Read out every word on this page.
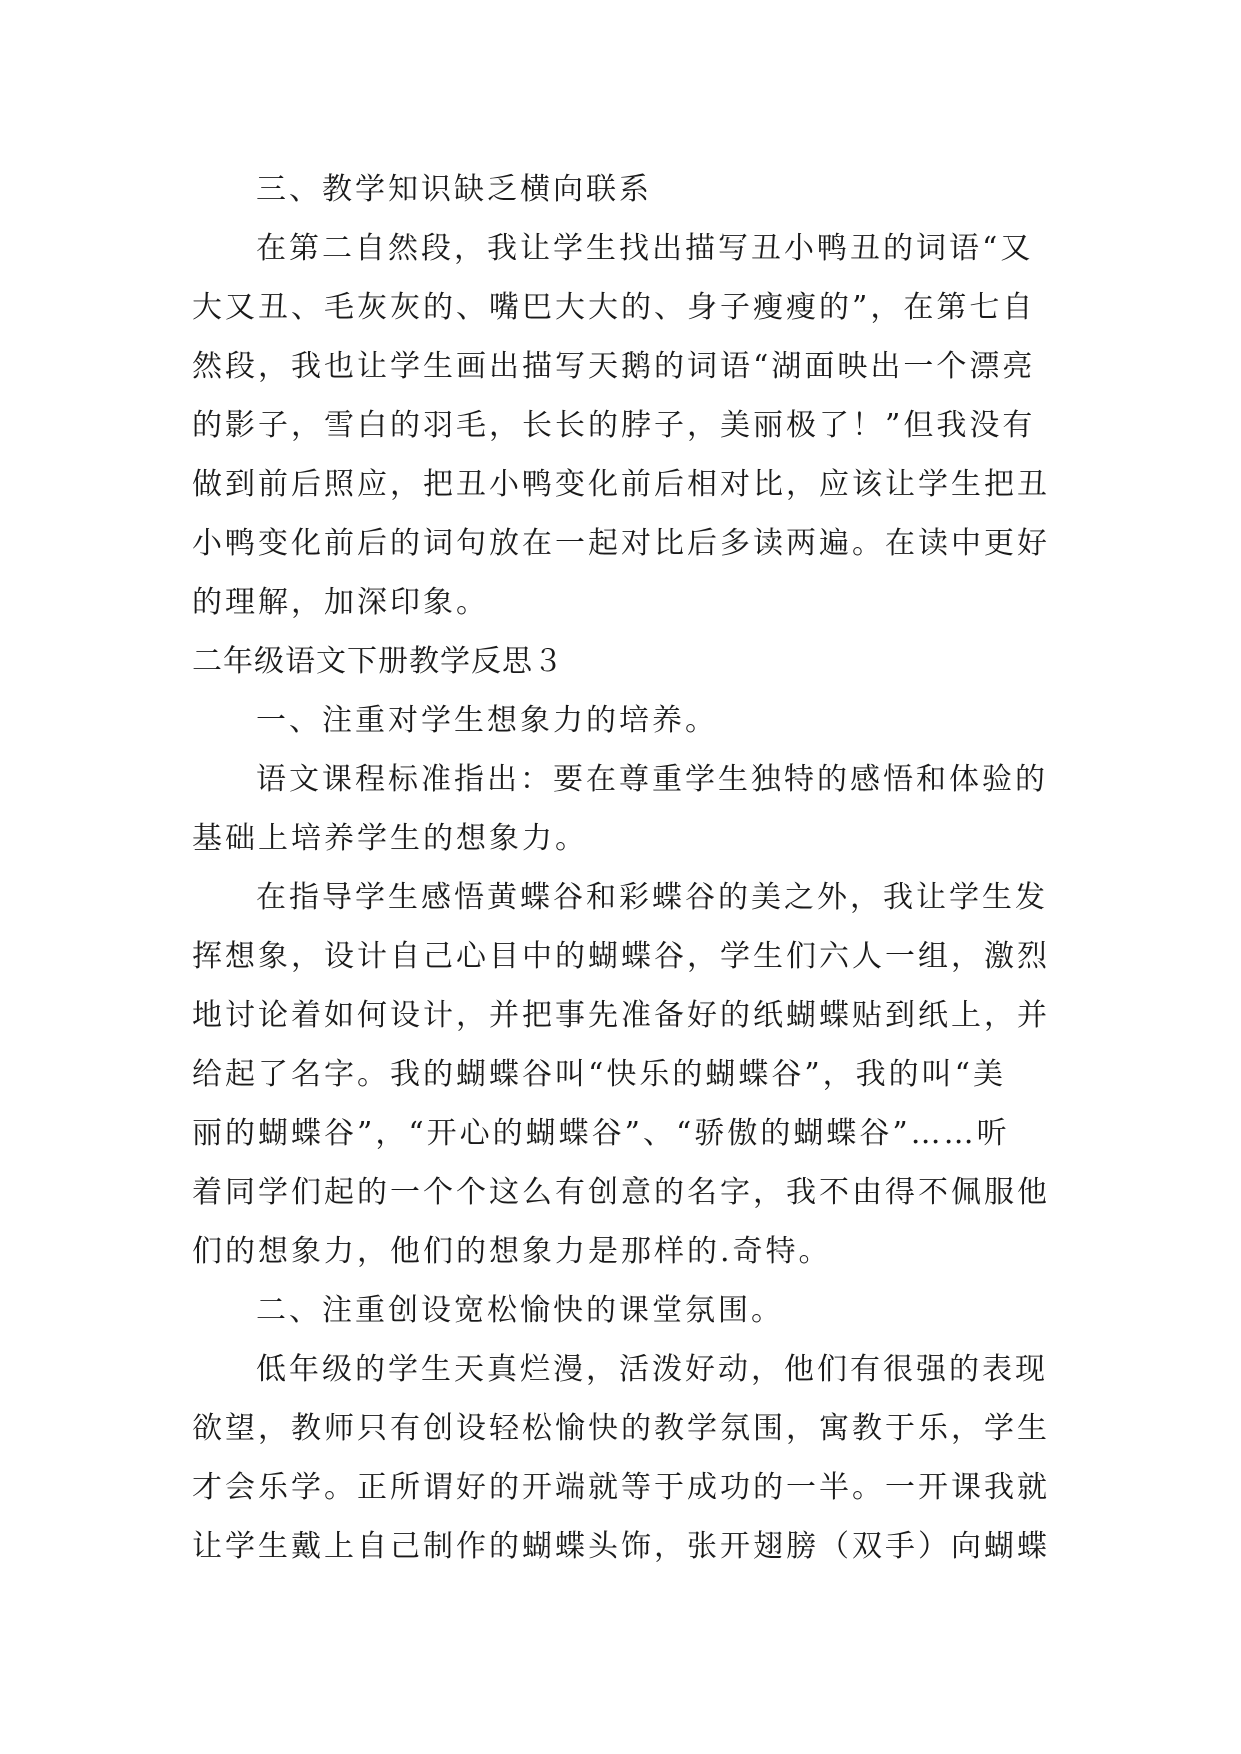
三、教学知识缺乏横向联系
在第二自然段，我让学生找出描写丑小鸭丑的词语“又
大又丑、毛灰灰的、嘴巴大大的、身子瘦瘦的”，在第七自
然段，我也让学生画出描写天鹅的词语“湖面映出一个漂亮
的影子，雪白的羽毛，长长的脖子，美丽极了！”但我没有
做到前后照应，把丑小鸭变化前后相对比，应该让学生把丑
小鸭变化前后的词句放在一起对比后多读两遍。在读中更好
的理解，加深印象。
二年级语文下册教学反思３
一、注重对学生想象力的培养。
语文课程标准指出：要在尊重学生独特的感悟和体验的
基础上培养学生的想象力。
在指导学生感悟黄蝶谷和彩蝶谷的美之外，我让学生发
挥想象，设计自己心目中的蝴蝶谷，学生们六人一组，激烈
地讨论着如何设计，并把事先准备好的纸蝴蝶贴到纸上，并
给起了名字。我的蝴蝶谷叫“快乐的蝴蝶谷”，我的叫“美
丽的蝴蝶谷”，“开心的蝴蝶谷”、“骄傲的蝴蝶谷”……听
着同学们起的一个个这么有创意的名字，我不由得不佩服他
们的想象力，他们的想象力是那样的.奇特。
二、注重创设宽松愉快的课堂氛围。
低年级的学生天真烂漫，活泼好动，他们有很强的表现
欲望，教师只有创设轻松愉快的教学氛围，寓教于乐，学生
才会乐学。正所谓好的开端就等于成功的一半。一开课我就
让学生戴上自己制作的蝴蝶头饰，张开翅膀（双手）向蝴蝶
